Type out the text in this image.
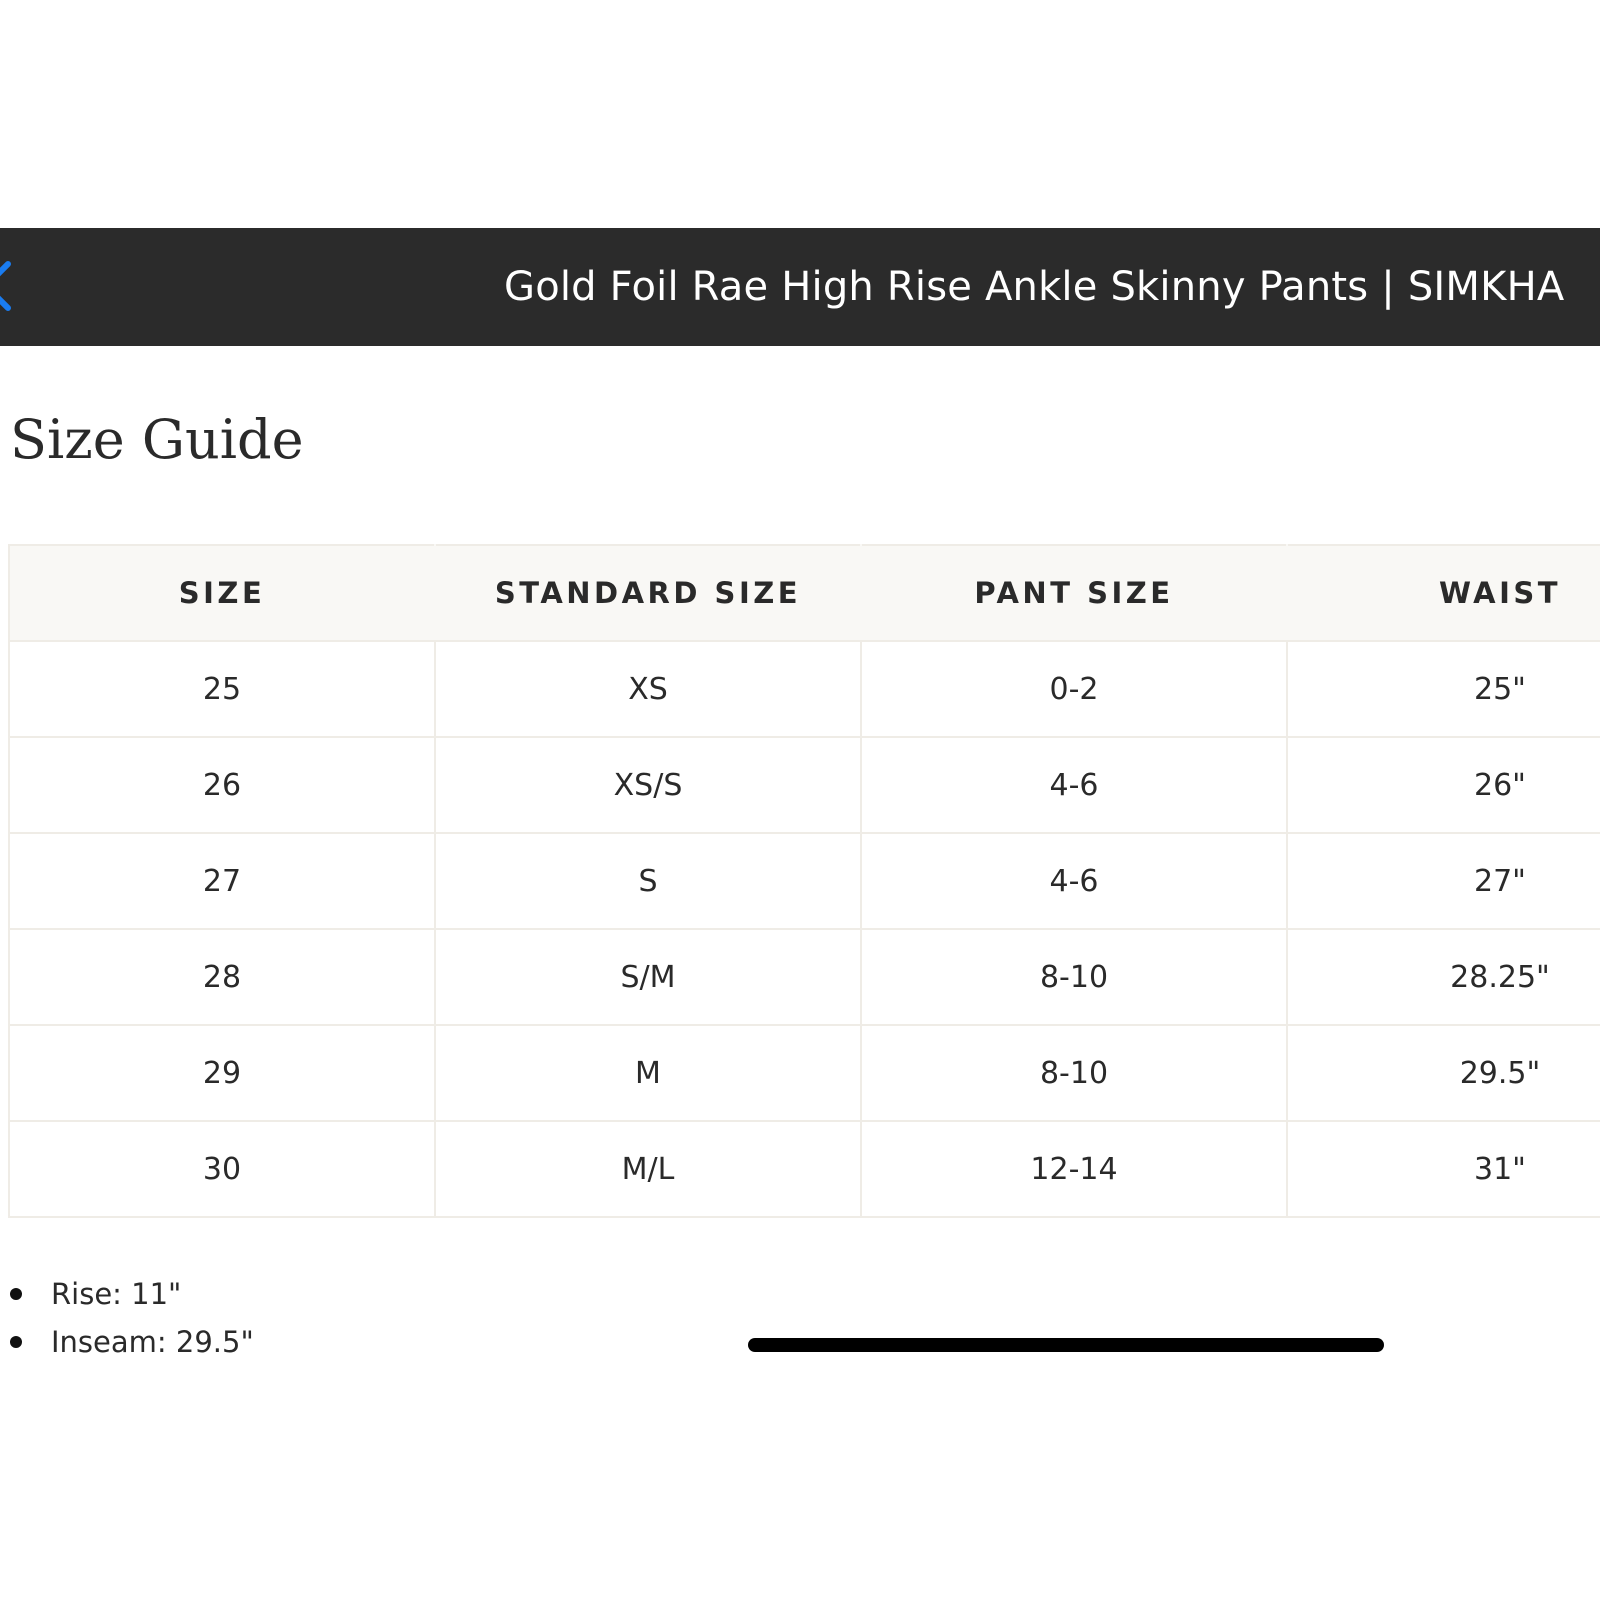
Gold Foil Rae High Rise Ankle Skinny Pants | SIMKHA
Size Guide
SIZE	STANDARD SIZE	PANT SIZE	WAIST
25	XS	0-2	25"
26	XS/S	4-6	26"
27	S	4-6	27"
28	S/M	8-10	28.25"
29	M	8-10	29.5"
30	M/L	12-14	31"
Rise: 11"
Inseam: 29.5"
